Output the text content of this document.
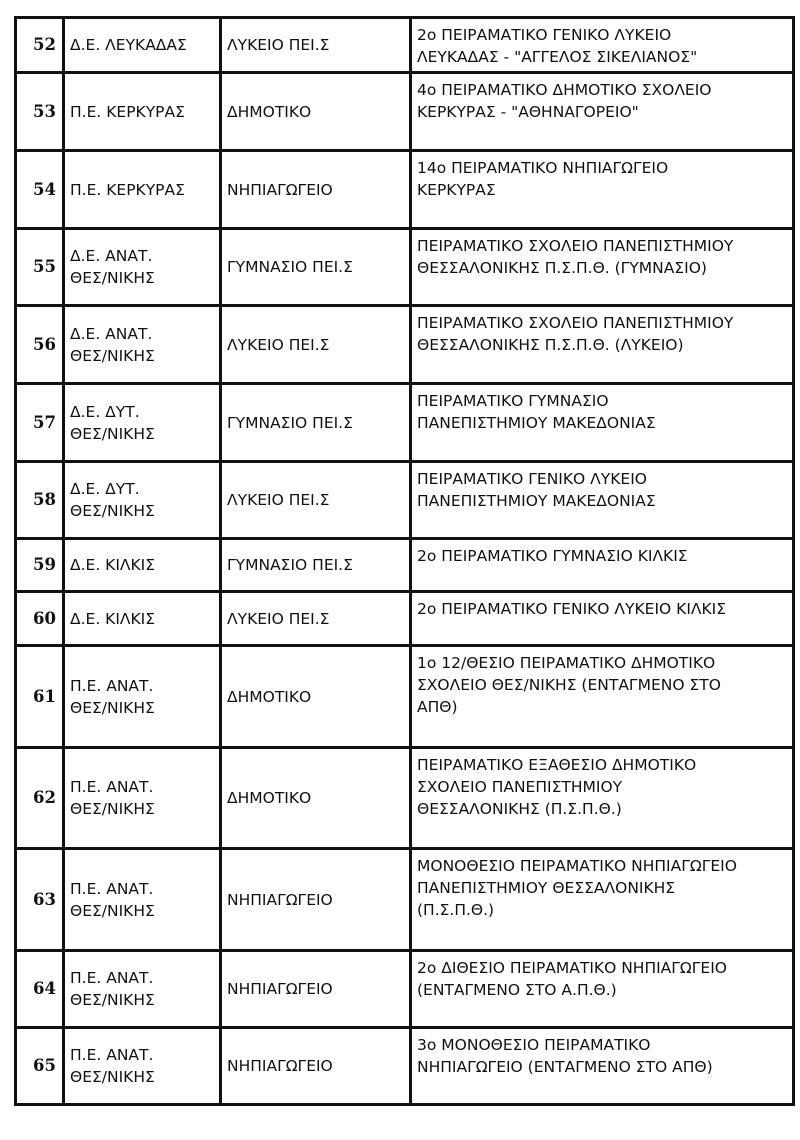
52	Δ.Ε. ΛΕΥΚΑΔΑΣ	ΛΥΚΕΙΟ ΠΕΙ.Σ	2ο ΠΕΙΡΑΜΑΤΙΚΟ ΓΕΝΙΚΟ ΛΥΚΕΙΟ
ΛΕΥΚΑΔΑΣ - "ΑΓΓΕΛΟΣ ΣΙΚΕΛΙΑΝΟΣ"
53	Π.Ε. ΚΕΡΚΥΡΑΣ	ΔΗΜΟΤΙΚΟ	4ο ΠΕΙΡΑΜΑΤΙΚΟ ΔΗΜΟΤΙΚΟ ΣΧΟΛΕΙΟ
ΚΕΡΚΥΡΑΣ - "ΑΘΗΝΑΓΟΡΕΙΟ"
54	Π.Ε. ΚΕΡΚΥΡΑΣ	ΝΗΠΙΑΓΩΓΕΙΟ	14ο ΠΕΙΡΑΜΑΤΙΚΟ ΝΗΠΙΑΓΩΓΕΙΟ
ΚΕΡΚΥΡΑΣ
55	Δ.Ε. ΑΝΑΤ.
ΘΕΣ/ΝΙΚΗΣ	ΓΥΜΝΑΣΙΟ ΠΕΙ.Σ	ΠΕΙΡΑΜΑΤΙΚΟ ΣΧΟΛΕΙΟ ΠΑΝΕΠΙΣΤΗΜΙΟΥ
ΘΕΣΣΑΛΟΝΙΚΗΣ Π.Σ.Π.Θ. (ΓΥΜΝΑΣΙΟ)
56	Δ.Ε. ΑΝΑΤ.
ΘΕΣ/ΝΙΚΗΣ	ΛΥΚΕΙΟ ΠΕΙ.Σ	ΠΕΙΡΑΜΑΤΙΚΟ ΣΧΟΛΕΙΟ ΠΑΝΕΠΙΣΤΗΜΙΟΥ
ΘΕΣΣΑΛΟΝΙΚΗΣ Π.Σ.Π.Θ. (ΛΥΚΕΙΟ)
57	Δ.Ε. ΔΥΤ.
ΘΕΣ/ΝΙΚΗΣ	ΓΥΜΝΑΣΙΟ ΠΕΙ.Σ	ΠΕΙΡΑΜΑΤΙΚΟ ΓΥΜΝΑΣΙΟ
ΠΑΝΕΠΙΣΤΗΜΙΟΥ ΜΑΚΕΔΟΝΙΑΣ
58	Δ.Ε. ΔΥΤ.
ΘΕΣ/ΝΙΚΗΣ	ΛΥΚΕΙΟ ΠΕΙ.Σ	ΠΕΙΡΑΜΑΤΙΚΟ ΓΕΝΙΚΟ ΛΥΚΕΙΟ
ΠΑΝΕΠΙΣΤΗΜΙΟΥ ΜΑΚΕΔΟΝΙΑΣ
59	Δ.Ε. ΚΙΛΚΙΣ	ΓΥΜΝΑΣΙΟ ΠΕΙ.Σ	2ο ΠΕΙΡΑΜΑΤΙΚΟ ΓΥΜΝΑΣΙΟ ΚΙΛΚΙΣ
60	Δ.Ε. ΚΙΛΚΙΣ	ΛΥΚΕΙΟ ΠΕΙ.Σ	2ο ΠΕΙΡΑΜΑΤΙΚΟ ΓΕΝΙΚΟ ΛΥΚΕΙΟ ΚΙΛΚΙΣ
61	Π.Ε. ΑΝΑΤ.
ΘΕΣ/ΝΙΚΗΣ	ΔΗΜΟΤΙΚΟ	1ο 12/ΘΕΣΙΟ ΠΕΙΡΑΜΑΤΙΚΟ ΔΗΜΟΤΙΚΟ
ΣΧΟΛΕΙΟ ΘΕΣ/ΝΙΚΗΣ (ΕΝΤΑΓΜΕΝΟ ΣΤΟ
ΑΠΘ)
62	Π.Ε. ΑΝΑΤ.
ΘΕΣ/ΝΙΚΗΣ	ΔΗΜΟΤΙΚΟ	ΠΕΙΡΑΜΑΤΙΚΟ ΕΞΑΘΕΣΙΟ ΔΗΜΟΤΙΚΟ
ΣΧΟΛΕΙΟ ΠΑΝΕΠΙΣΤΗΜΙΟΥ
ΘΕΣΣΑΛΟΝΙΚΗΣ (Π.Σ.Π.Θ.)
63	Π.Ε. ΑΝΑΤ.
ΘΕΣ/ΝΙΚΗΣ	ΝΗΠΙΑΓΩΓΕΙΟ	ΜΟΝΟΘΕΣΙΟ ΠΕΙΡΑΜΑΤΙΚΟ ΝΗΠΙΑΓΩΓΕΙΟ
ΠΑΝΕΠΙΣΤΗΜΙΟΥ ΘΕΣΣΑΛΟΝΙΚΗΣ
(Π.Σ.Π.Θ.)
64	Π.Ε. ΑΝΑΤ.
ΘΕΣ/ΝΙΚΗΣ	ΝΗΠΙΑΓΩΓΕΙΟ	2ο ΔΙΘΕΣΙΟ ΠΕΙΡΑΜΑΤΙΚΟ ΝΗΠΙΑΓΩΓΕΙΟ
(ΕΝΤΑΓΜΕΝΟ ΣΤΟ Α.Π.Θ.)
65	Π.Ε. ΑΝΑΤ.
ΘΕΣ/ΝΙΚΗΣ	ΝΗΠΙΑΓΩΓΕΙΟ	3ο ΜΟΝΟΘΕΣΙΟ ΠΕΙΡΑΜΑΤΙΚΟ
ΝΗΠΙΑΓΩΓΕΙΟ (ΕΝΤΑΓΜΕΝΟ ΣΤΟ ΑΠΘ)
